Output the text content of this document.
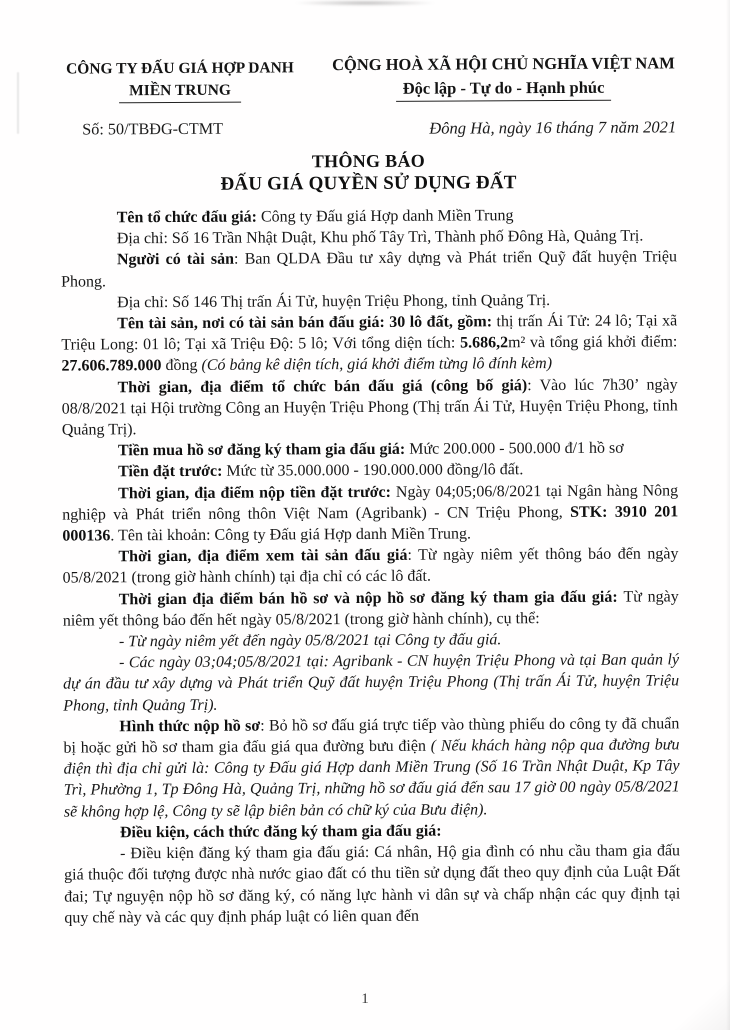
CÔNG TY ĐẤU GIÁ HỢP DANH
MIỀN TRUNG
CỘNG HOÀ XÃ HỘI CHỦ NGHĨA VIỆT NAM
Độc lập - Tự do - Hạnh phúc
Số: 50/TBĐG-CTMT	Đông Hà, ngày 16 tháng 7 năm 2021
THÔNG BÁO
ĐẤU GIÁ QUYỀN SỬ DỤNG ĐẤT

Tên tổ chức đấu giá: Công ty Đấu giá Hợp danh Miền Trung

Địa chỉ: Số 16 Trần Nhật Duật, Khu phố Tây Trì, Thành phố Đông Hà, Quảng Trị.

Người có tài sản: Ban QLDA Đầu tư xây dựng và Phát triển Quỹ đất huyện Triệu Phong.

Địa chỉ: Số 146 Thị trấn Ái Tử, huyện Triệu Phong, tỉnh Quảng Trị.

Tên tài sản, nơi có tài sản bán đấu giá: 30 lô đất, gồm: thị trấn Ái Tử: 24 lô; Tại xã Triệu Long: 01 lô; Tại xã Triệu Độ: 5 lô; Với tổng diện tích: 5.686,2m² và tổng giá khởi điểm: 27.606.789.000 đồng (Có bảng kê diện tích, giá khởi điểm từng lô đính kèm)

Thời gian, địa điểm tổ chức bán đấu giá (công bố giá): Vào lúc 7h30’ ngày 08/8/2021 tại Hội trường Công an Huyện Triệu Phong (Thị trấn Ái Tử, Huyện Triệu Phong, tỉnh Quảng Trị).

Tiền mua hồ sơ đăng ký tham gia đấu giá: Mức 200.000 - 500.000 đ/1 hồ sơ

Tiền đặt trước: Mức từ 35.000.000 - 190.000.000 đồng/lô đất.

Thời gian, địa điểm nộp tiền đặt trước: Ngày 04;05;06/8/2021 tại Ngân hàng Nông nghiệp và Phát triển nông thôn Việt Nam (Agribank) - CN Triệu Phong, STK: 3910 201 000136. Tên tài khoản: Công ty Đấu giá Hợp danh Miền Trung.

Thời gian, địa điểm xem tài sản đấu giá: Từ ngày niêm yết thông báo đến ngày 05/8/2021 (trong giờ hành chính) tại địa chỉ có các lô đất.

Thời gian địa điểm bán hồ sơ và nộp hồ sơ đăng ký tham gia đấu giá: Từ ngày niêm yết thông báo đến hết ngày 05/8/2021 (trong giờ hành chính), cụ thể:

- Từ ngày niêm yết đến ngày 05/8/2021 tại Công ty đấu giá.

- Các ngày 03;04;05/8/2021 tại: Agribank - CN huyện Triệu Phong và tại Ban quản lý dự án đầu tư xây dựng và Phát triển Quỹ đất huyện Triệu Phong (Thị trấn Ái Tử, huyện Triệu Phong, tỉnh Quảng Trị).

Hình thức nộp hồ sơ: Bỏ hồ sơ đấu giá trực tiếp vào thùng phiếu do công ty đã chuẩn bị hoặc gửi hồ sơ tham gia đấu giá qua đường bưu điện ( Nếu khách hàng nộp qua đường bưu điện thì địa chỉ gửi là: Công ty Đấu giá Hợp danh Miền Trung (Số 16 Trần Nhật Duật, Kp Tây Trì, Phường 1, Tp Đông Hà, Quảng Trị, những hồ sơ đấu giá đến sau 17 giờ 00 ngày 05/8/2021 sẽ không hợp lệ, Công ty sẽ lập biên bản có chữ ký của Bưu điện).

Điều kiện, cách thức đăng ký tham gia đấu giá:

- Điều kiện đăng ký tham gia đấu giá: Cá nhân, Hộ gia đình có nhu cầu tham gia đấu giá thuộc đối tượng được nhà nước giao đất có thu tiền sử dụng đất theo quy định của Luật Đất đai; Tự nguyện nộp hồ sơ đăng ký, có năng lực hành vi dân sự và chấp nhận các quy định tại quy chế này và các quy định pháp luật có liên quan đến

1
